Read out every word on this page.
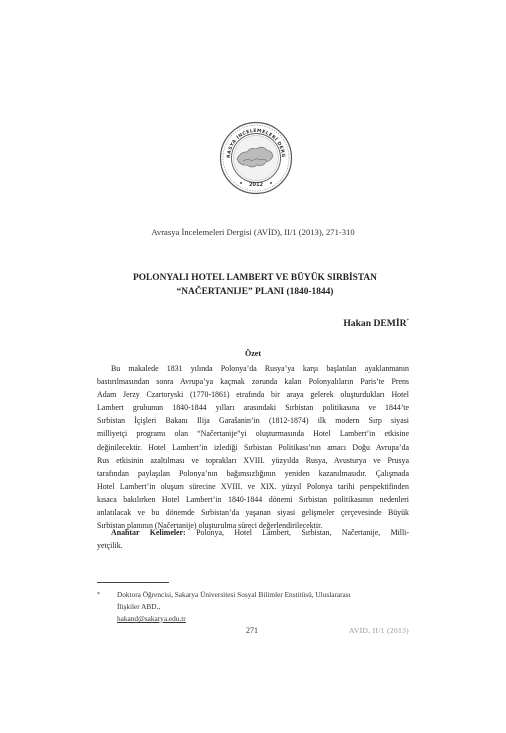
RASYA İNCELEMELERİ DERG
2012
Avrasya İncelemeleri Dergisi (AVİD), II/1 (2013), 271-310
POLONYALI HOTEL LAMBERT VE BÜYÜK SIRBİSTAN
“NAČERTANIJE” PLANI (1840-1844)
Hakan DEMİR*
Özet
Bu makalede 1831 yılında Polonya’da Rusya’ya karşı başlatılan ayaklanmanın
bastırılmasından sonra Avrupa’ya kaçmak zorunda kalan Polonyalıların Paris’te Prens
Adam Jerzy Czartoryski (1770-1861) etrafında bir araya gelerek oluşturdukları Hotel
Lambert grubunun 1840-1844 yılları arasındaki Sırbistan politikasına ve 1844’te
Sırbistan İçişleri Bakanı Ilija Garašanin’in (1812-1874) ilk modern Sırp siyasi
milliyetçi programı olan “Načertanije”yi oluşturmasında Hotel Lambert’in etkisine
değinilecektir. Hotel Lambert’in izlediği Sırbistan Politikası’nın amacı Doğu Avrupa’da
Rus etkisinin azaltılması ve toprakları XVIII. yüzyılda Rusya, Avusturya ve Prusya
tarafından paylaşılan Polonya’nın bağımsızlığının yeniden kazanılmasıdır. Çalışmada
Hotel Lambert’in oluşum sürecine XVIII. ve XIX. yüzyıl Polonya tarihi perspektifinden
kısaca bakılırken Hotel Lambert’in 1840-1844 dönemi Sırbistan politikasının nedenleri
anlatılacak ve bu dönemde Sırbistan’da yaşanan siyasi gelişmeler çerçevesinde Büyük
Sırbistan planının (Načertanije) oluşturulma süreci değerlendirilecektir.
Anahtar Kelimeler: Polonya, Hotel Lambert, Sırbistan, Načertanije, Milli-
yetçilik.
* Doktora Öğrencisi, Sakarya Üniversitesi Sosyal Bilimler Enstitüsü, Uluslararası
İlişkiler ABD.,
hakand@sakarya.edu.tr
271	AVİD, II/1 (2013)
